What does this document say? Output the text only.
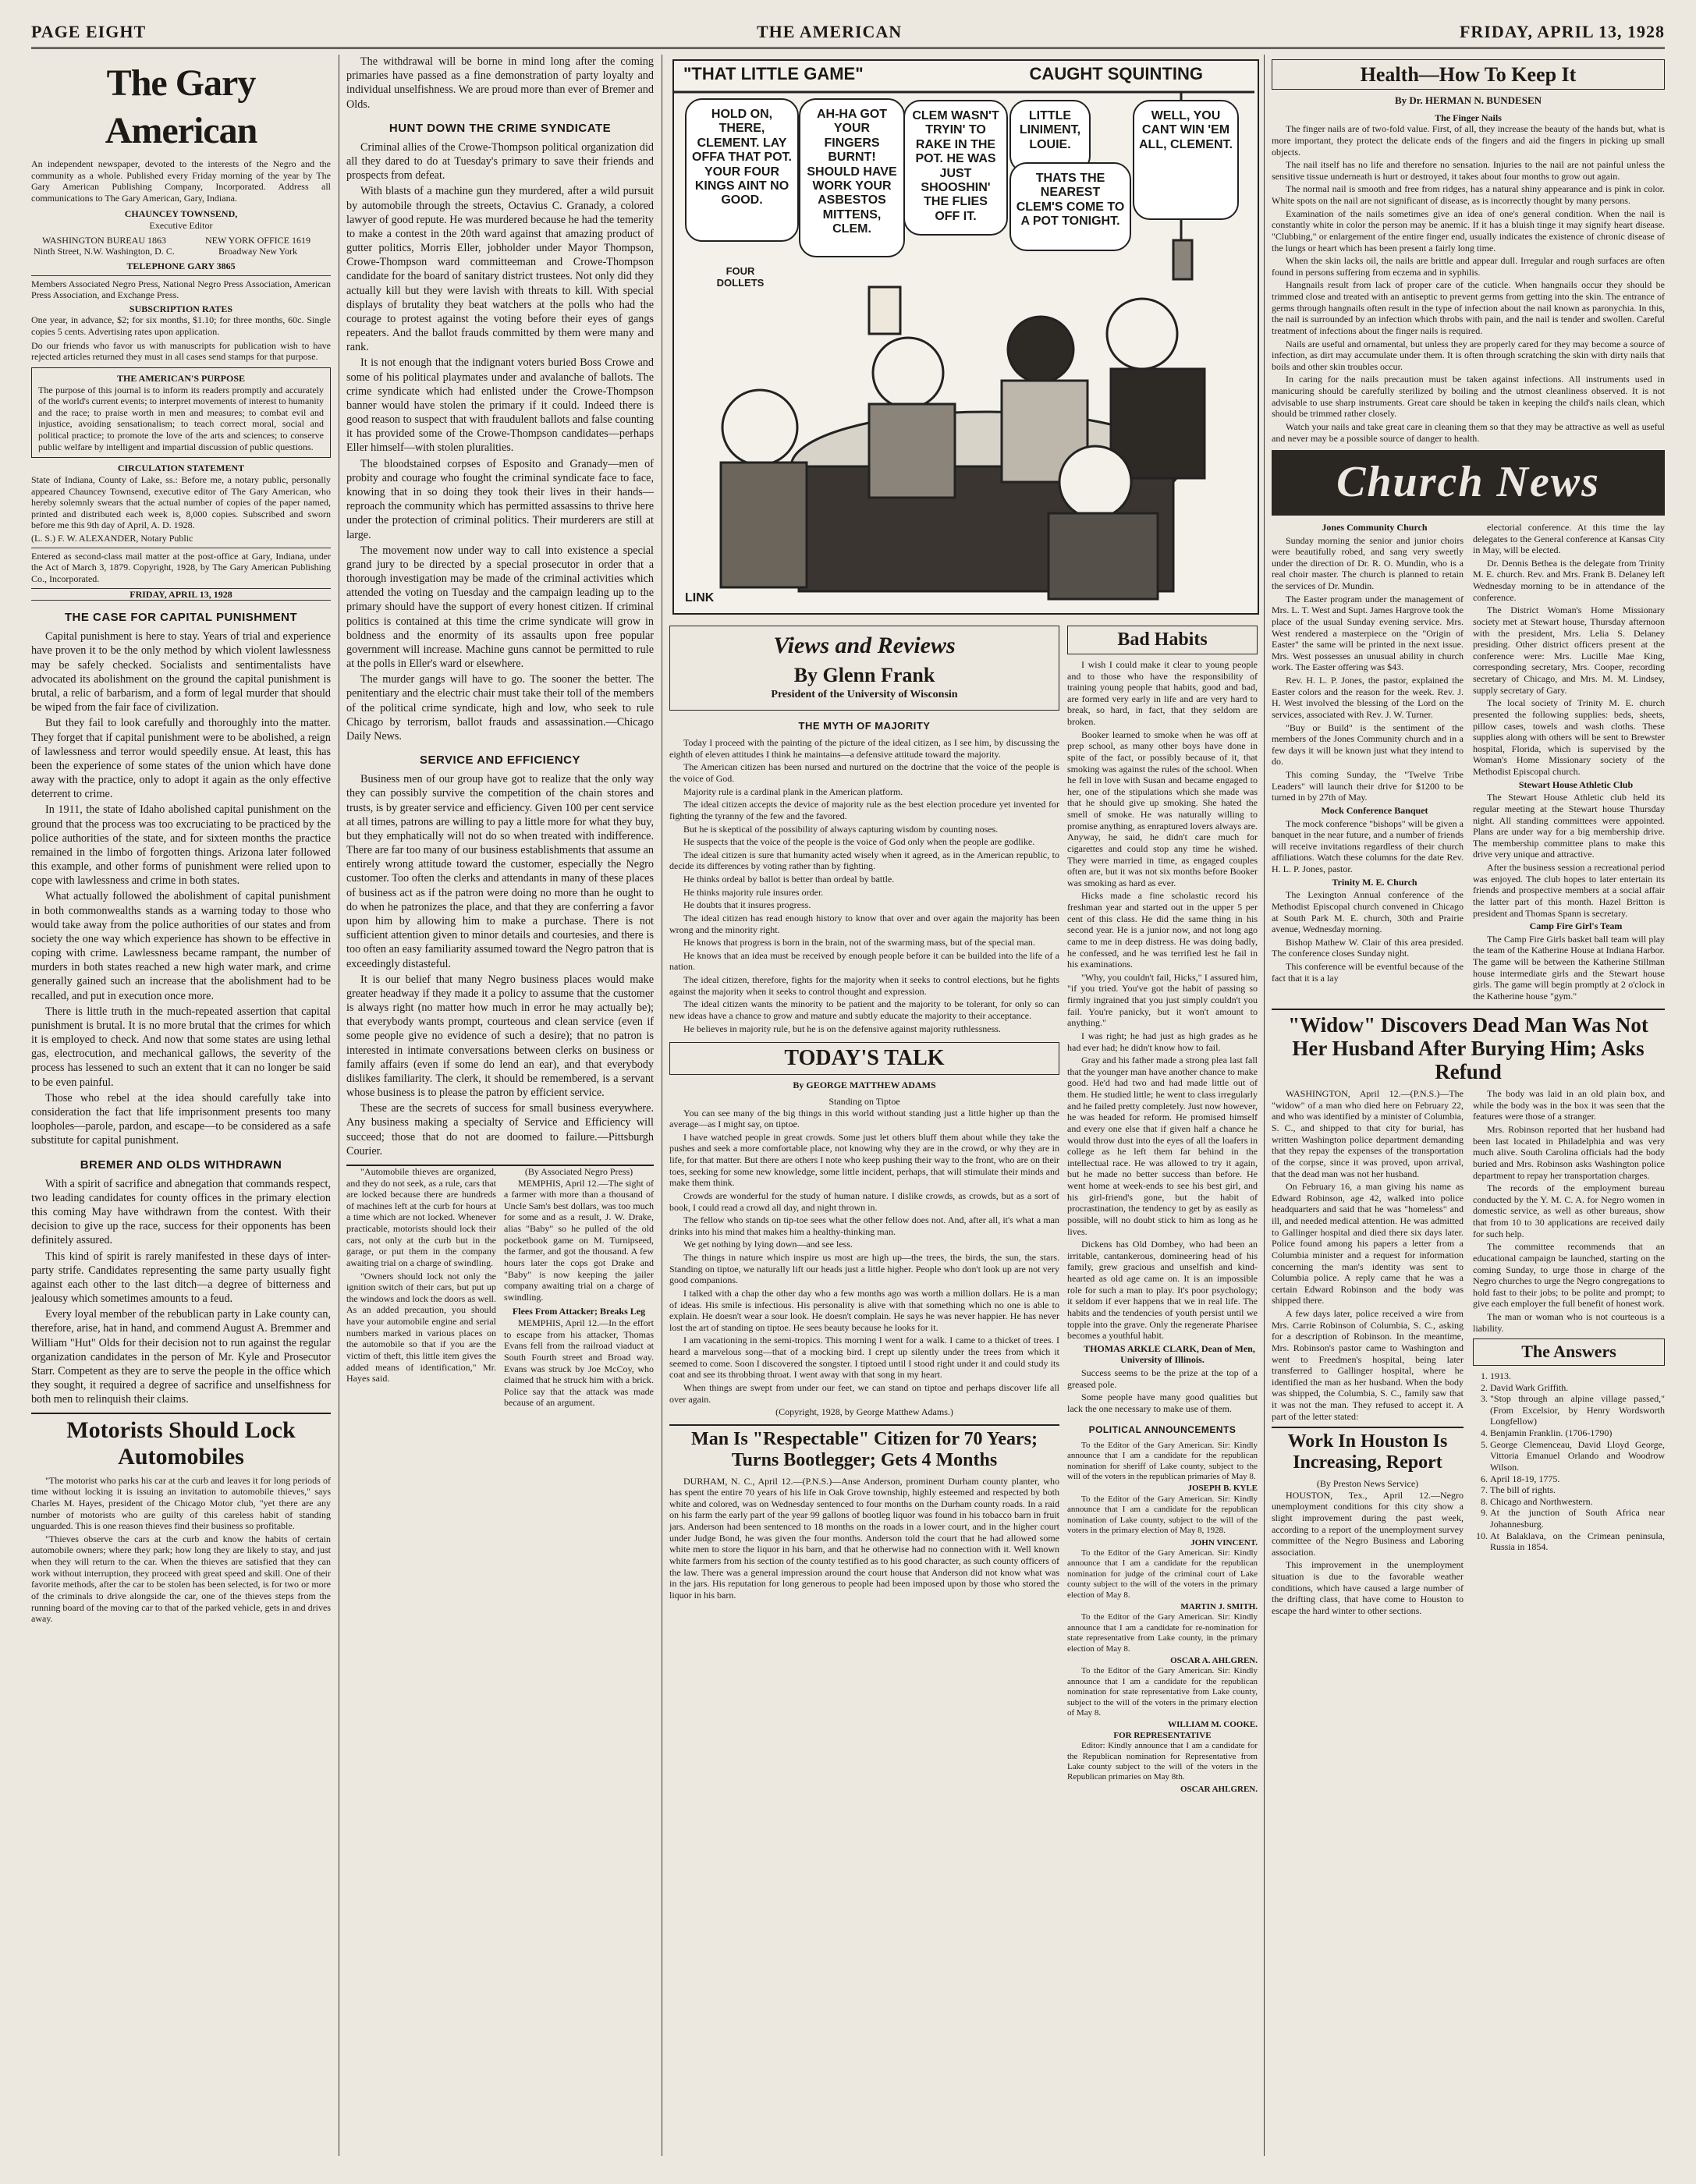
PAGE EIGHT	THE AMERICAN	FRIDAY, APRIL 13, 1928
The Gary American
An independent newspaper, devoted to the interests of the Negro and the community as a whole. Published every Friday morning of the year by The Gary American Publishing Company, Incorporated. Address all communications to The Gary American, Gary, Indiana.
CHAUNCEY TOWNSEND,
Executive Editor
WASHINGTON BUREAU 1863 Ninth Street, N.W. Washington, D. C.
NEW YORK OFFICE 1619 Broadway New York
TELEPHONE GARY 3865
Members Associated Negro Press, National Negro Press Association, American Press Association, and Exchange Press.
SUBSCRIPTION RATES
One year, in advance, $2; for six months, $1.10; for three months, 60c. Single copies 5 cents. Advertising rates upon application.
Do our friends who favor us with manuscripts for publication wish to have rejected articles returned they must in all cases send stamps for that purpose.
THE AMERICAN'S PURPOSE
The purpose of this journal is to inform its readers promptly and accurately of the world's current events; to interpret movements of interest to humanity and the race; to praise worth in men and measures; to combat evil and injustice, avoiding sensationalism; to teach correct moral, social and political practice; to promote the love of the arts and sciences; to conserve public welfare by intelligent and impartial discussion of public questions.
CIRCULATION STATEMENT
State of Indiana, County of Lake, ss.: Before me, a notary public, personally appeared Chauncey Townsend, executive editor of The Gary American, who hereby solemnly swears that the actual number of copies of the paper named, printed and distributed each week is, 8,000 copies. Subscribed and sworn before me this 9th day of April, A. D. 1928.
(L. S.) F. W. ALEXANDER, Notary Public
Entered as second-class mail matter at the post-office at Gary, Indiana, under the Act of March 3, 1879. Copyright, 1928, by The Gary American Publishing Co., Incorporated.
FRIDAY, APRIL 13, 1928
THE CASE FOR CAPITAL PUNISHMENT

Capital punishment is here to stay. Years of trial and experience have proven it to be the only method by which violent lawlessness may be safely checked. Socialists and sentimentalists have advocated its abolishment on the ground the capital punishment is brutal, a relic of barbarism, and a form of legal murder that should be wiped from the fair face of civilization.

But they fail to look carefully and thoroughly into the matter. They forget that if capital punishment were to be abolished, a reign of lawlessness and terror would speedily ensue. At least, this has been the experience of some states of the union which have done away with the practice, only to adopt it again as the only effective deterrent to crime.

In 1911, the state of Idaho abolished capital punishment on the ground that the process was too excruciating to be practiced by the police authorities of the state, and for sixteen months the practice remained in the limbo of forgotten things. Arizona later followed this example, and other forms of punishment were relied upon to cope with lawlessness and crime in both states.

What actually followed the abolishment of capital punishment in both commonwealths stands as a warning today to those who would take away from the police authorities of our states and from society the one way which experience has shown to be effective in coping with crime. Lawlessness became rampant, the number of murders in both states reached a new high water mark, and crime generally gained such an increase that the abolishment had to be recalled, and put in execution once more.

There is little truth in the much-repeated assertion that capital punishment is brutal. It is no more brutal that the crimes for which it is employed to check. And now that some states are using lethal gas, electrocution, and mechanical gallows, the severity of the process has lessened to such an extent that it can no longer be said to be even painful.

Those who rebel at the idea should carefully take into consideration the fact that life imprisonment presents too many loopholes—parole, pardon, and escape—to be considered as a safe substitute for capital punishment.

BREMER AND OLDS WITHDRAWN

With a spirit of sacrifice and abnegation that commands respect, two leading candidates for county offices in the primary election this coming May have withdrawn from the contest. With their decision to give up the race, success for their opponents has been definitely assured.

This kind of spirit is rarely manifested in these days of inter-party strife. Candidates representing the same party usually fight against each other to the last ditch—a degree of bitterness and jealousy which sometimes amounts to a feud.

Every loyal member of the rebublican party in Lake county can, therefore, arise, hat in hand, and commend August A. Bremmer and William "Hut" Olds for their decision not to run against the regular organization candidates in the person of Mr. Kyle and Prosecutor Starr. Competent as they are to serve the people in the office which they sought, it required a degree of sacrifice and unselfishness for both men to relinquish their claims.

Motorists Should Lock Automobiles

"The motorist who parks his car at the curb and leaves it for long periods of time without locking it is issuing an invitation to automobile thieves," says Charles M. Hayes, president of the Chicago Motor club, "yet there are any number of motorists who are guilty of this careless habit of standing unguarded. This is one reason thieves find their business so profitable.

"Thieves observe the cars at the curb and know the habits of certain automobile owners; where they park; how long they are likely to stay, and just when they will return to the car. When the thieves are satisfied that they can work without interruption, they proceed with great speed and skill. One of their favorite methods, after the car to be stolen has been selected, is for two or more of the criminals to drive alongside the car, one of the thieves steps from the running board of the moving car to that of the parked vehicle, gets in and drives away.

The withdrawal will be borne in mind long after the coming primaries have passed as a fine demonstration of party loyalty and individual unselfishness. We are proud more than ever of Bremer and Olds.

HUNT DOWN THE CRIME SYNDICATE

Criminal allies of the Crowe-Thompson political organization did all they dared to do at Tuesday's primary to save their friends and prospects from defeat.

With blasts of a machine gun they murdered, after a wild pursuit by automobile through the streets, Octavius C. Granady, a colored lawyer of good repute. He was murdered because he had the temerity to make a contest in the 20th ward against that amazing product of gutter politics, Morris Eller, jobholder under Mayor Thompson, Crowe-Thompson ward committeeman and Crowe-Thompson candidate for the board of sanitary district trustees. Not only did they actually kill but they were lavish with threats to kill. With special displays of brutality they beat watchers at the polls who had the courage to protest against the voting before their eyes of gangs repeaters. And the ballot frauds committed by them were many and rank.

It is not enough that the indignant voters buried Boss Crowe and some of his political playmates under and avalanche of ballots. The crime syndicate which had enlisted under the Crowe-Thompson banner would have stolen the primary if it could. Indeed there is good reason to suspect that with fraudulent ballots and false counting it has provided some of the Crowe-Thompson candidates—perhaps Eller himself—with stolen pluralities.

The bloodstained corpses of Esposito and Granady—men of probity and courage who fought the criminal syndicate face to face, knowing that in so doing they took their lives in their hands—reproach the community which has permitted assassins to thrive here under the protection of criminal politics. Their murderers are still at large.

The movement now under way to call into existence a special grand jury to be directed by a special prosecutor in order that a thorough investigation may be made of the criminal activities which attended the voting on Tuesday and the campaign leading up to the primary should have the support of every honest citizen. If criminal politics is contained at this time the crime syndicate will grow in boldness and the enormity of its assaults upon free popular government will increase. Machine guns cannot be permitted to rule at the polls in Eller's ward or elsewhere.

The murder gangs will have to go. The sooner the better. The penitentiary and the electric chair must take their toll of the members of the political crime syndicate, high and low, who seek to rule Chicago by terrorism, ballot frauds and assassination.—Chicago Daily News.

SERVICE AND EFFICIENCY

Business men of our group have got to realize that the only way they can possibly survive the competition of the chain stores and trusts, is by greater service and efficiency. Given 100 per cent service at all times, patrons are willing to pay a little more for what they buy, but they emphatically will not do so when treated with indifference. There are far too many of our business establishments that assume an entirely wrong attitude toward the customer, especially the Negro customer. Too often the clerks and attendants in many of these places of business act as if the patron were doing no more than he ought to do when he patronizes the place, and that they are conferring a favor upon him by allowing him to make a purchase. There is not sufficient attention given to minor details and courtesies, and there is too often an easy familiarity assumed toward the Negro patron that is exceedingly distasteful.

It is our belief that many Negro business places would make greater headway if they made it a policy to assume that the customer is always right (no matter how much in error he may actually be); that everybody wants prompt, courteous and clean service (even if some people give no evidence of such a desire); that no patron is interested in intimate conversations between clerks on business or family affairs (even if some do lend an ear), and that everybody dislikes familiarity. The clerk, it should be remembered, is a servant whose business is to please the patron by efficient service.

These are the secrets of success for small business everywhere. Any business making a specialty of Service and Efficiency will succeed; those that do not are doomed to failure.—Pittsburgh Courier.

"Automobile thieves are organized, and they do not seek, as a rule, cars that are locked because there are hundreds of machines left at the curb for hours at a time which are not locked. Whenever practicable, motorists should lock their cars, not only at the curb but in the garage, or put them in the company awaiting trial on a charge of swindling.

"Owners should lock not only the ignition switch of their cars, but put up the windows and lock the doors as well. As an added precaution, you should have your automobile engine and serial numbers marked in various places on the automobile so that if you are the victim of theft, this little item gives the added means of identification," Mr. Hayes said.

(By Associated Negro Press)

MEMPHIS, April 12.—The sight of a farmer with more than a thousand of Uncle Sam's best dollars, was too much for some and as a result, J. W. Drake, alias "Baby" so he pulled of the old pocketbook game on M. Turnipseed, the farmer, and got the thousand. A few hours later the cops got Drake and "Baby" is now keeping the jailer company awaiting trial on a charge of swindling.

Flees From Attacker; Breaks Leg

MEMPHIS, April 12.—In the effort to escape from his attacker, Thomas Evans fell from the railroad viaduct at South Fourth street and Broad way. Evans was struck by Joe McCoy, who claimed that he struck him with a brick. Police say that the attack was made because of an argument.

"THAT LITTLE GAME"	CAUGHT SQUINTING
HOLD ON, THERE, CLEMENT. LAY OFFA THAT POT. YOUR FOUR KINGS AINT NO GOOD.
AH-HA GOT YOUR FINGERS BURNT! SHOULD HAVE WORK YOUR ASBESTOS MITTENS, CLEM.
CLEM WASN'T TRYIN' TO RAKE IN THE POT. HE WAS JUST SHOOSHIN' THE FLIES OFF IT.
LITTLE LINIMENT, LOUIE.
THATS THE NEAREST CLEM'S COME TO A POT TONIGHT.
WELL, YOU CANT WIN 'EM ALL, CLEMENT.
FOUR DOLLETS
LINK
Views and Reviews
By Glenn Frank
President of the University of Wisconsin
THE MYTH OF MAJORITY

Today I proceed with the painting of the picture of the ideal citizen, as I see him, by discussing the eighth of eleven attitudes I think he maintains—a defensive attitude toward the majority.

The American citizen has been nursed and nurtured on the doctrine that the voice of the people is the voice of God.

Majority rule is a cardinal plank in the American platform.

The ideal citizen accepts the device of majority rule as the best election procedure yet invented for fighting the tyranny of the few and the favored.

But he is skeptical of the possibility of always capturing wisdom by counting noses.

He suspects that the voice of the people is the voice of God only when the people are godlike.

The ideal citizen is sure that humanity acted wisely when it agreed, as in the American republic, to decide its differences by voting rather than by fighting.

He thinks ordeal by ballot is better than ordeal by battle.

He thinks majority rule insures order.

He doubts that it insures progress.

The ideal citizen has read enough history to know that over and over again the majority has been wrong and the minority right.

He knows that progress is born in the brain, not of the swarming mass, but of the special man.

He knows that an idea must be received by enough people before it can be builded into the life of a nation.

The ideal citizen, therefore, fights for the majority when it seeks to control elections, but he fights against the majority when it seeks to control thought and expression.

The ideal citizen wants the minority to be patient and the majority to be tolerant, for only so can new ideas have a chance to grow and mature and subtly educate the majority to their acceptance.

He believes in majority rule, but he is on the defensive against majority ruthlessness.

TODAY'S TALK
By GEORGE MATTHEW ADAMS
Standing on Tiptoe

You can see many of the big things in this world without standing just a little higher up than the average—as I might say, on tiptoe.

I have watched people in great crowds. Some just let others bluff them about while they take the pushes and seek a more comfortable place, not knowing why they are in the crowd, or why they are in life, for that matter. But there are others I note who keep pushing their way to the front, who are on their toes, seeking for some new knowledge, some little incident, perhaps, that will stimulate their minds and make them think.

Crowds are wonderful for the study of human nature. I dislike crowds, as crowds, but as a sort of book, I could read a crowd all day, and night thrown in.

The fellow who stands on tip-toe sees what the other fellow does not. And, after all, it's what a man drinks into his mind that makes him a healthy-thinking man.

We get nothing by lying down—and see less.

The things in nature which inspire us most are high up—the trees, the birds, the sun, the stars. Standing on tiptoe, we naturally lift our heads just a little higher. People who don't look up are not very good companions.

I talked with a chap the other day who a few months ago was worth a million dollars. He is a man of ideas. His smile is infectious. His personality is alive with that something which no one is able to explain. He doesn't wear a sour look. He doesn't complain. He says he was never happier. He has never lost the art of standing on tiptoe. He sees beauty because he looks for it.

I am vacationing in the semi-tropics. This morning I went for a walk. I came to a thicket of trees. I heard a marvelous song—that of a mocking bird. I crept up silently under the trees from which it seemed to come. Soon I discovered the songster. I tiptoed until I stood right under it and could study its coat and see its throbbing throat. I went away with that song in my heart.

When things are swept from under our feet, we can stand on tiptoe and perhaps discover life all over again.

(Copyright, 1928, by George Matthew Adams.)
Man Is "Respectable" Citizen for 70 Years; Turns Bootlegger; Gets 4 Months

DURHAM, N. C., April 12.—(P.N.S.)—Anse Anderson, prominent Durham county planter, who has spent the entire 70 years of his life in Oak Grove township, highly esteemed and respected by both white and colored, was on Wednesday sentenced to four months on the Durham county roads. In a raid on his farm the early part of the year 99 gallons of bootleg liquor was found in his tobacco barn in fruit jars. Anderson had been sentenced to 18 months on the roads in a lower court, and in the higher court under Judge Bond, he was given the four months. Anderson told the court that he had allowed some white men to store the liquor in his barn, and that he otherwise had no connection with it. Well known white farmers from his section of the county testified as to his good character, as such county officers of the law. There was a general impression around the court house that Anderson did not know what was in the jars. His reputation for long generous to people had been imposed upon by those who stored the liquor in his barn.

Bad Habits

I wish I could make it clear to young people and to those who have the responsibility of training young people that habits, good and bad, are formed very early in life and are very hard to break, so hard, in fact, that they seldom are broken.

Booker learned to smoke when he was off at prep school, as many other boys have done in spite of the fact, or possibly because of it, that smoking was against the rules of the school. When he fell in love with Susan and became engaged to her, one of the stipulations which she made was that he should give up smoking. She hated the smell of smoke. He was naturally willing to promise anything, as enraptured lovers always are. Anyway, he said, he didn't care much for cigarettes and could stop any time he wished. They were married in time, as engaged couples often are, but it was not six months before Booker was smoking as hard as ever.

Hicks made a fine scholastic record his freshman year and started out in the upper 5 per cent of this class. He did the same thing in his second year. He is a junior now, and not long ago came to me in deep distress. He was doing badly, he confessed, and he was terrified lest he fail in his examinations.

"Why, you couldn't fail, Hicks," I assured him, "if you tried. You've got the habit of passing so firmly ingrained that you just simply couldn't you fail. You're panicky, but it won't amount to anything."

I was right; he had just as high grades as he had ever had; he didn't know how to fail.

Gray and his father made a strong plea last fall that the younger man have another chance to make good. He'd had two and had made little out of them. He studied little; he went to class irregularly and he failed pretty completely. Just now however, he was headed for reform. He promised himself and every one else that if given half a chance he would throw dust into the eyes of all the loafers in college as he left them far behind in the intellectual race. He was allowed to try it again, but he made no better success than before. He went home at week-ends to see his best girl, and his girl-friend's gone, but the habit of procrastination, the tendency to get by as easily as possible, will no doubt stick to him as long as he lives.

Dickens has Old Dombey, who had been an irritable, cantankerous, domineering head of his family, grew gracious and unselfish and kind-hearted as old age came on. It is an impossible role for such a man to play. It's poor psychology; it seldom if ever happens that we in real life. The habits and the tendencies of youth persist until we topple into the grave. Only the regenerate Pharisee becomes a youthful habit.

THOMAS ARKLE CLARK, Dean of Men, University of Illinois.

Success seems to be the prize at the top of a greased pole.

Some people have many good qualities but lack the one necessary to make use of them.

POLITICAL ANNOUNCEMENTS

To the Editor of the Gary American. Sir: Kindly announce that I am a candidate for the republican nomination for sheriff of Lake county, subject to the will of the voters in the republican primaries of May 8.

JOSEPH B. KYLE

To the Editor of the Gary American. Sir: Kindly announce that I am a candidate for the republican nomination of Lake county, subject to the will of the voters in the primary election of May 8, 1928.

JOHN VINCENT.

To the Editor of the Gary American. Sir: Kindly announce that I am a candidate for the republican nomination for judge of the criminal court of Lake county subject to the will of the voters in the primary election of May 8.

MARTIN J. SMITH.

To the Editor of the Gary American. Sir: Kindly announce that I am a candidate for re-nomination for state representative from Lake county, in the primary election of May 8.

OSCAR A. AHLGREN.

To the Editor of the Gary American. Sir: Kindly announce that I am a candidate for the republican nomination for state representative from Lake county, subject to the will of the voters in the primary election of May 8.

WILLIAM M. COOKE.
FOR REPRESENTATIVE

Editor: Kindly announce that I am a candidate for the Republican nomination for Representative from Lake county subject to the will of the voters in the Republican primaries on May 8th.

OSCAR AHLGREN.
Health—How To Keep It
By Dr. HERMAN N. BUNDESEN
The Finger Nails

The finger nails are of two-fold value. First, of all, they increase the beauty of the hands but, what is more important, they protect the delicate ends of the fingers and aid the fingers in picking up small objects.

The nail itself has no life and therefore no sensation. Injuries to the nail are not painful unless the sensitive tissue underneath is hurt or destroyed, it takes about four months to grow out again.

The normal nail is smooth and free from ridges, has a natural shiny appearance and is pink in color. White spots on the nail are not significant of disease, as is incorrectly thought by many persons.

Examination of the nails sometimes give an idea of one's general condition. When the nail is constantly white in color the person may be anemic. If it has a bluish tinge it may signify heart disease. "Clubbing," or enlargement of the entire finger end, usually indicates the existence of chronic disease of the lungs or heart which has been present a fairly long time.

When the skin lacks oil, the nails are brittle and appear dull. Irregular and rough surfaces are often found in persons suffering from eczema and in syphilis.

Hangnails result from lack of proper care of the cuticle. When hangnails occur they should be trimmed close and treated with an antiseptic to prevent germs from getting into the skin. The entrance of germs through hangnails often result in the type of infection about the nail known as paronychia. In this, the nail is surrounded by an infection which throbs with pain, and the nail is tender and swollen. Careful treatment of infections about the finger nails is required.

Nails are useful and ornamental, but unless they are properly cared for they may become a source of infection, as dirt may accumulate under them. It is often through scratching the skin with dirty nails that boils and other skin troubles occur.

In caring for the nails precaution must be taken against infections. All instruments used in manicuring should be carefully sterilized by boiling and the utmost cleanliness observed. It is not advisable to use sharp instruments. Great care should be taken in keeping the child's nails clean, which should be trimmed rather closely.

Watch your nails and take great care in cleaning them so that they may be attractive as well as useful and never may be a possible source of danger to health.

Church News

Jones Community Church

Sunday morning the senior and junior choirs were beautifully robed, and sang very sweetly under the direction of Dr. R. O. Mundin, who is a real choir master. The church is planned to retain the services of Dr. Mundin.

The Easter program under the management of Mrs. L. T. West and Supt. James Hargrove took the place of the usual Sunday evening service. Mrs. West rendered a masterpiece on the "Origin of Easter" the same will be printed in the next issue. Mrs. West possesses an unusual ability in church work. The Easter offering was $43.

Rev. H. L. P. Jones, the pastor, explained the Easter colors and the reason for the week. Rev. J. H. West involved the blessing of the Lord on the services, associated with Rev. J. W. Turner.

"Buy or Build" is the sentiment of the members of the Jones Community church and in a few days it will be known just what they intend to do.

This coming Sunday, the "Twelve Tribe Leaders" will launch their drive for $1200 to be turned in by 27th of May.

Mock Conference Banquet

The mock conference "bishops" will be given a banquet in the near future, and a number of friends will receive invitations regardless of their church affiliations. Watch these columns for the date Rev. H. L. P. Jones, pastor.

Trinity M. E. Church

The Lexington Annual conference of the Methodist Episcopal church convened in Chicago at South Park M. E. church, 30th and Prairie avenue, Wednesday morning.

Bishop Mathew W. Clair of this area presided. The conference closes Sunday night.

This conference will be eventful because of the fact that it is a lay

electorial conference. At this time the lay delegates to the General conference at Kansas City in May, will be elected.

Dr. Dennis Bethea is the delegate from Trinity M. E. church. Rev. and Mrs. Frank B. Delaney left Wednesday morning to be in attendance of the conference.

The District Woman's Home Missionary society met at Stewart house, Thursday afternoon with the president, Mrs. Lelia S. Delaney presiding. Other district officers present at the conference were: Mrs. Lucille Mae King, corresponding secretary, Mrs. Cooper, recording secretary of Chicago, and Mrs. M. M. Lindsey, supply secretary of Gary.

The local society of Trinity M. E. church presented the following supplies: beds, sheets, pillow cases, towels and wash cloths. These supplies along with others will be sent to Brewster hospital, Florida, which is supervised by the Woman's Home Missionary society of the Methodist Episcopal church.

Stewart House Athletic Club

The Stewart House Athletic club held its regular meeting at the Stewart house Thursday night. All standing committees were appointed. Plans are under way for a big membership drive. The membership committee plans to make this drive very unique and attractive.

After the business session a recreational period was enjoyed. The club hopes to later entertain its friends and prospective members at a social affair the latter part of this month. Hazel Britton is president and Thomas Spann is secretary.

Camp Fire Girl's Team

The Camp Fire Girls basket ball team will play the team of the Katherine House at Indiana Harbor. The game will be between the Katherine Stillman house intermediate girls and the Stewart house girls. The game will begin promptly at 2 o'clock in the Katherine house "gym."

"Widow" Discovers Dead Man Was Not Her Husband After Burying Him; Asks Refund

WASHINGTON, April 12.—(P.N.S.)—The "widow" of a man who died here on February 22, and who was identified by a minister of Columbia, S. C., and shipped to that city for burial, has written Washington police department demanding that they repay the expenses of the transportation of the corpse, since it was proved, upon arrival, that the dead man was not her husband.

On February 16, a man giving his name as Edward Robinson, age 42, walked into police headquarters and said that he was "homeless" and ill, and needed medical attention. He was admitted to Gallinger hospital and died there six days later. Police found among his papers a letter from a Columbia minister and a request for information concerning the man's identity was sent to Columbia police. A reply came that he was a certain Edward Robinson and the body was shipped there.

A few days later, police received a wire from Mrs. Carrie Robinson of Columbia, S. C., asking for a description of Robinson. In the meantime, Mrs. Robinson's pastor came to Washington and went to Freedmen's hospital, being later transferred to Gallinger hospital, where he identified the man as her husband. When the body was shipped, the Columbia, S. C., family saw that it was not the man. They refused to accept it. A part of the letter stated:

Work In Houston Is Increasing, Report
(By Preston News Service)

HOUSTON, Tex., April 12.—Negro unemployment conditions for this city show a slight improvement during the past week, according to a report of the unemployment survey committee of the Negro Business and Laboring association.

This improvement in the unemployment situation is due to the favorable weather conditions, which have caused a large number of the drifting class, that have come to Houston to escape the hard winter to other sections.

The body was laid in an old plain box, and while the body was in the box it was seen that the features were those of a stranger.

Mrs. Robinson reported that her husband had been last located in Philadelphia and was very much alive. South Carolina officials had the body buried and Mrs. Robinson asks Washington police department to repay her transportation charges.

The records of the employment bureau conducted by the Y. M. C. A. for Negro women in domestic service, as well as other bureaus, show that from 10 to 30 applications are received daily for such help.

The committee recommends that an educational campaign be launched, starting on the coming Sunday, to urge those in charge of the Negro churches to urge the Negro congregations to hold fast to their jobs; to be polite and prompt; to give each employer the full benefit of honest work.

The man or woman who is not courteous is a liability.

The Answers
1. 1913.
2. David Wark Griffith.
3. "Stop through an alpine village passed," (From Excelsior, by Henry Wordsworth Longfellow)
4. Benjamin Franklin. (1706-1790)
5. George Clemenceau, David Lloyd George, Vittoria Emanuel Orlando and Woodrow Wilson.
6. April 18-19, 1775.
7. The bill of rights.
8. Chicago and Northwestern.
9. At the junction of South Africa near Johannesburg.
10. At Balaklava, on the Crimean peninsula, Russia in 1854.
